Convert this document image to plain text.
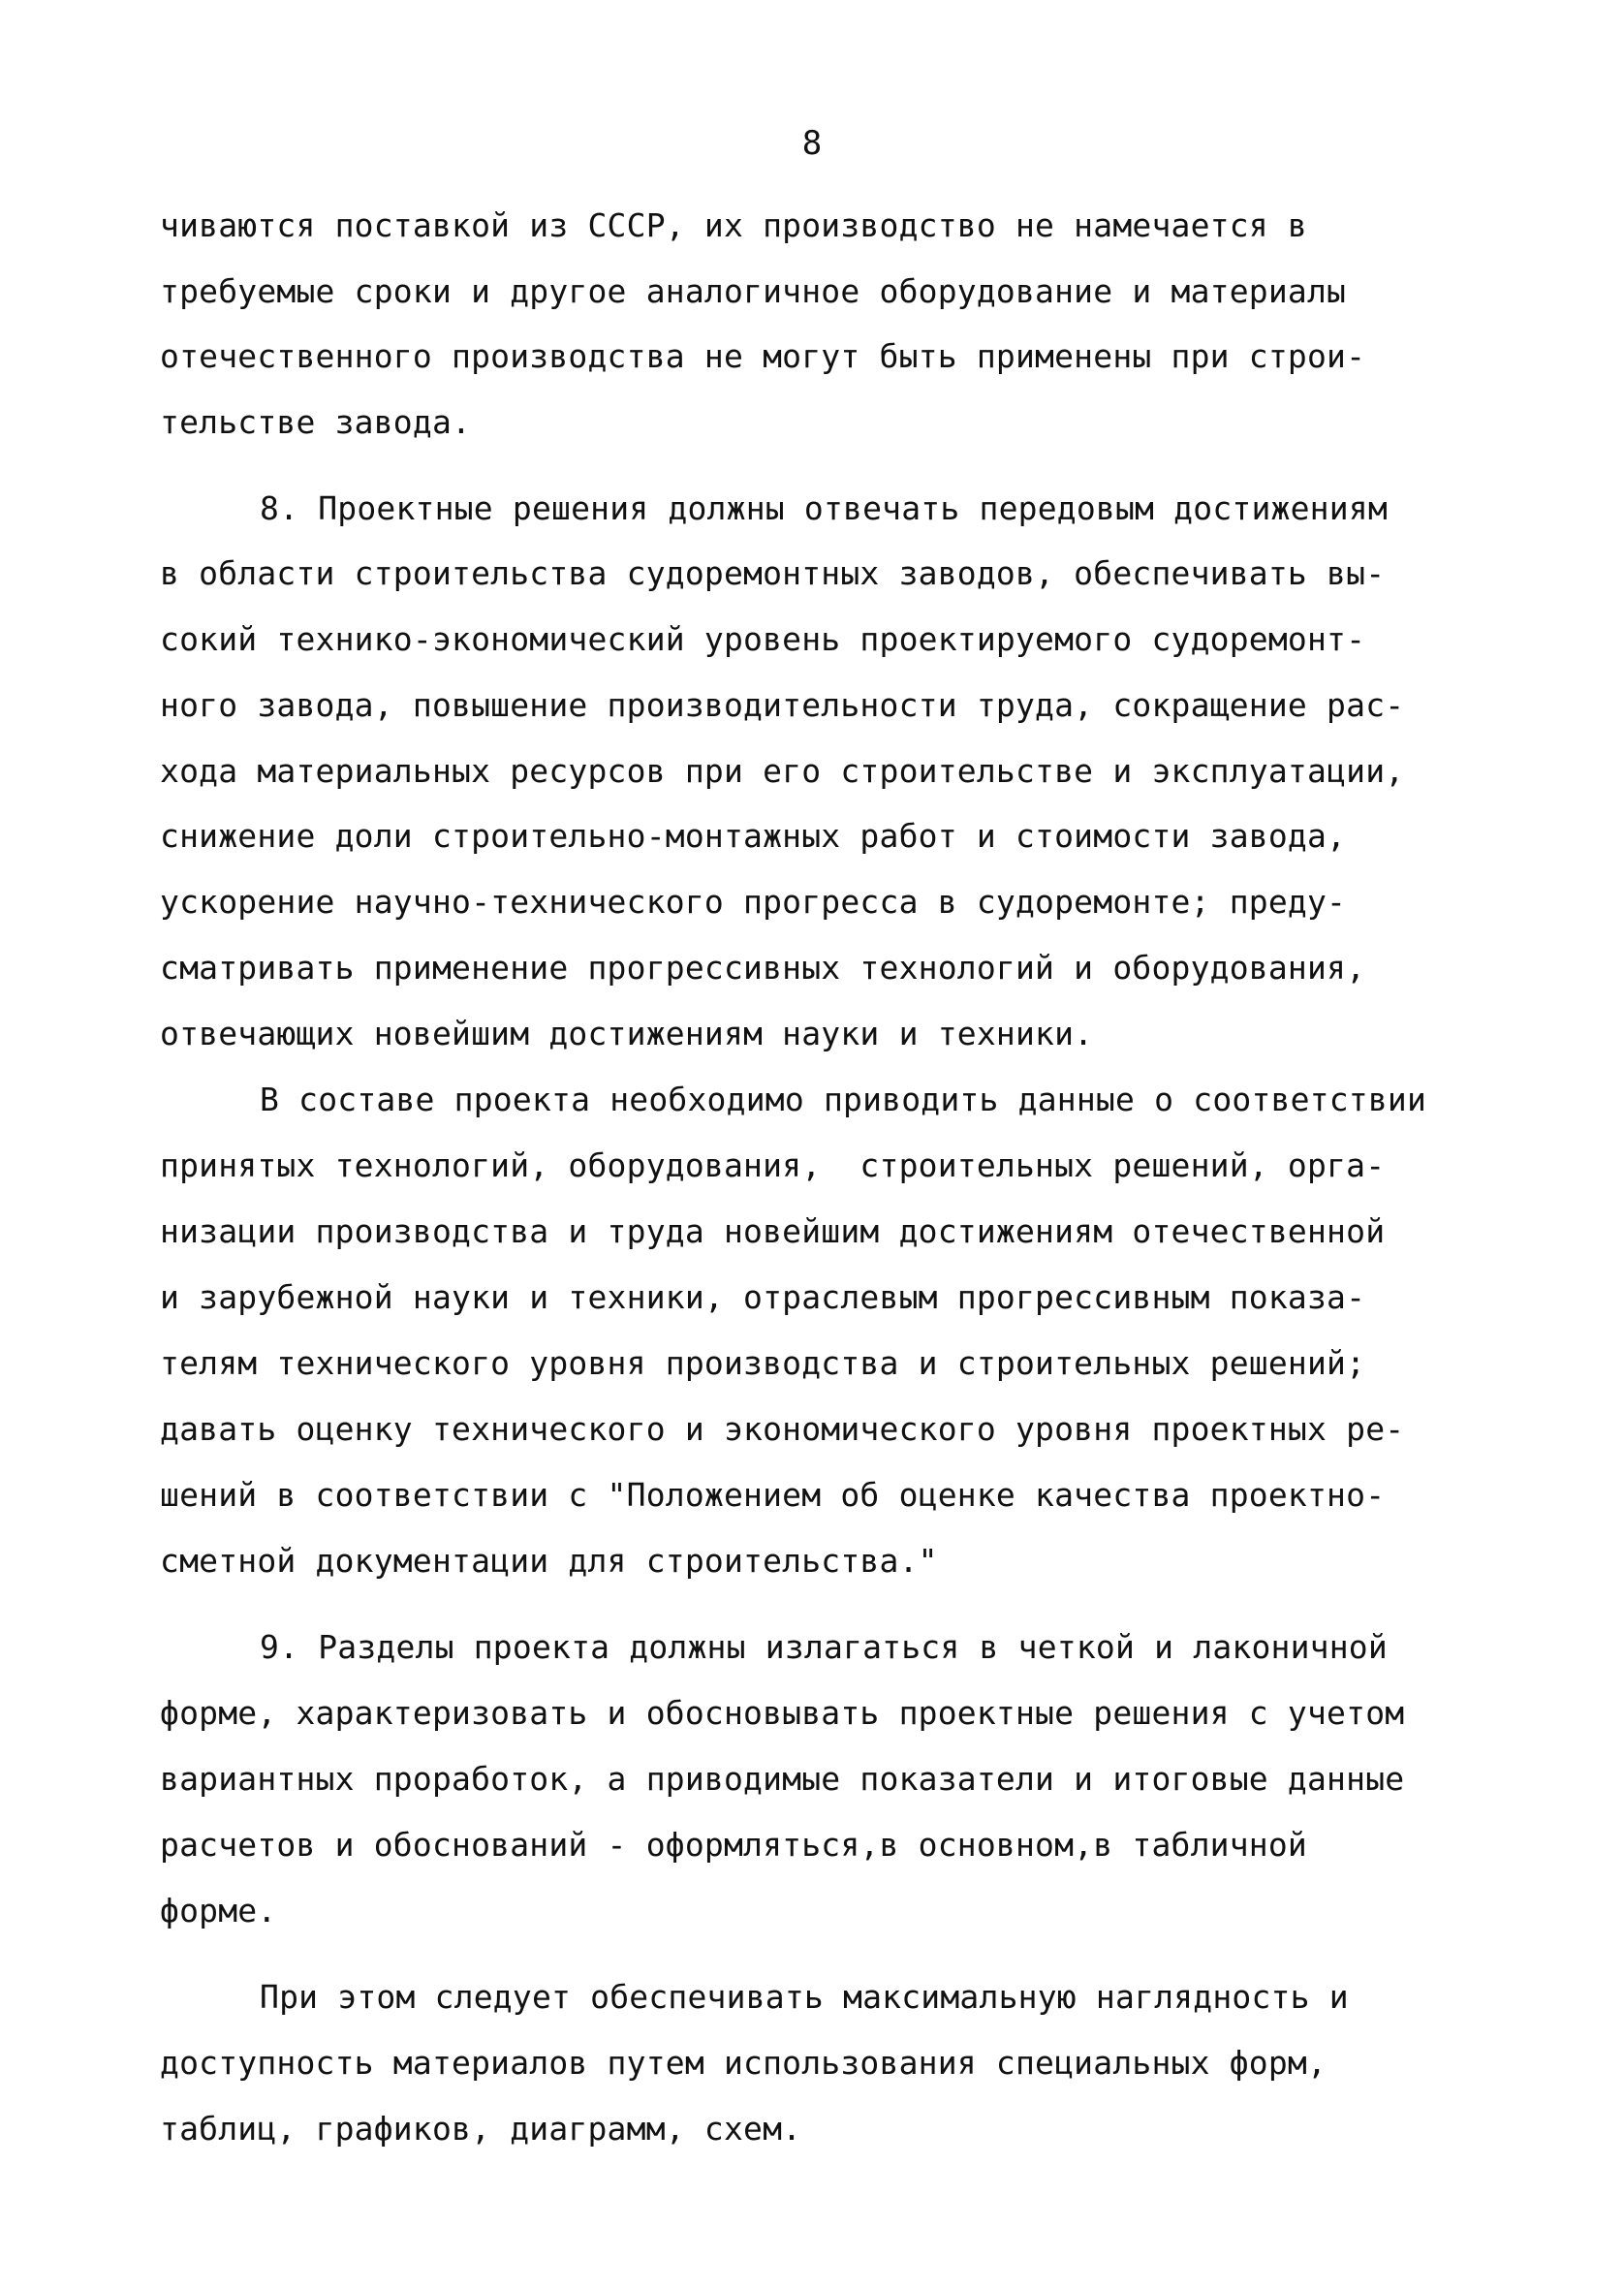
8
чиваются поставкой из СССР, их производство не намечается в
требуемые сроки и другое аналогичное оборудование и материалы
отечественного производства не могут быть применены при строи-
тельстве завода.
8. Проектные решения должны отвечать передовым достижениям
в области строительства судоремонтных заводов, обеспечивать вы-
сокий технико-экономический уровень проектируемого судоремонт-
ного завода, повышение производительности труда, сокращение рас-
хода материальных ресурсов при его строительстве и эксплуатации,
снижение доли строительно-монтажных работ и стоимости завода,
ускорение научно-технического прогресса в судоремонте; преду-
сматривать применение прогрессивных технологий и оборудования,
отвечающих новейшим достижениям науки и техники.
В составе проекта необходимо приводить данные о соответствии
принятых технологий, оборудования,  строительных решений, орга-
низации производства и труда новейшим достижениям отечественной
и зарубежной науки и техники, отраслевым прогрессивным показа-
телям технического уровня производства и строительных решений;
давать оценку технического и экономического уровня проектных ре-
шений в соответствии с "Положением об оценке качества проектно-
сметной документации для строительства."
9. Разделы проекта должны излагаться в четкой и лаконичной
форме, характеризовать и обосновывать проектные решения с учетом
вариантных проработок, а приводимые показатели и итоговые данные
расчетов и обоснований - оформляться,в основном,в табличной
форме.
При этом следует обеспечивать максимальную наглядность и
доступность материалов путем использования специальных форм,
таблиц, графиков, диаграмм, схем.
